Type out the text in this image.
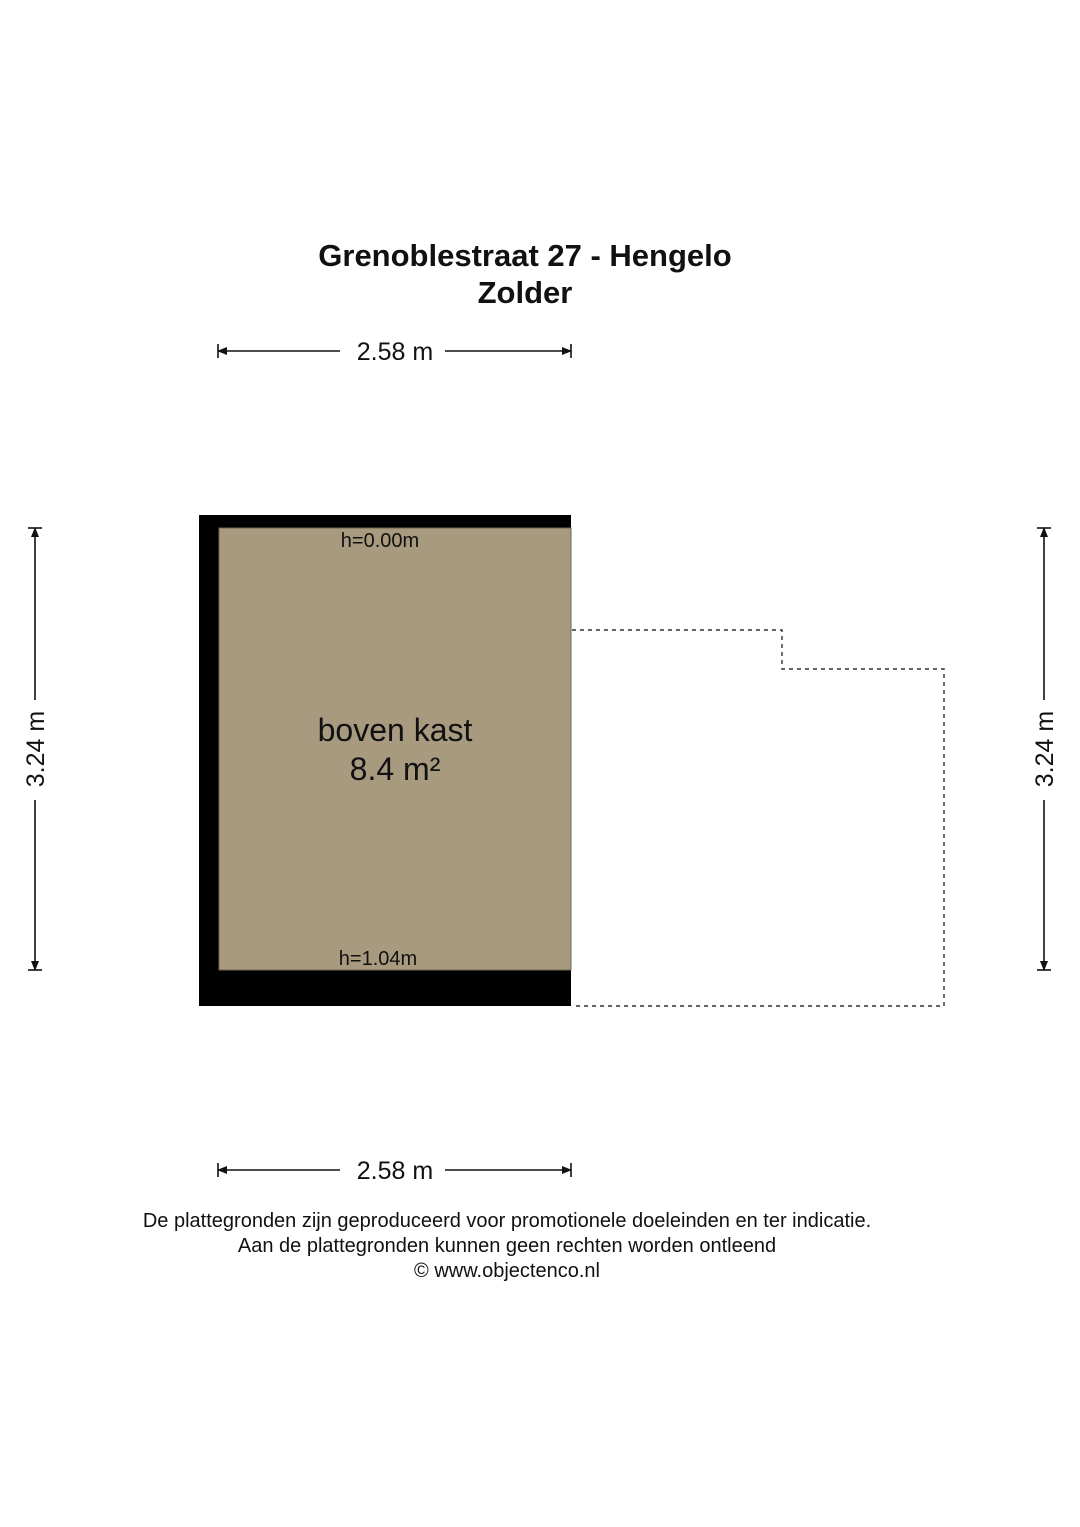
Grenoblestraat 27 - Hengelo
Zolder
2.58 m
2.58 m
3.24 m	3.24 m
h=0.00m
boven kast
8.4 m²
h=1.04m
De plattegronden zijn geproduceerd voor promotionele doeleinden en ter indicatie.
Aan de plattegronden kunnen geen rechten worden ontleend
© www.objectenco.nl
